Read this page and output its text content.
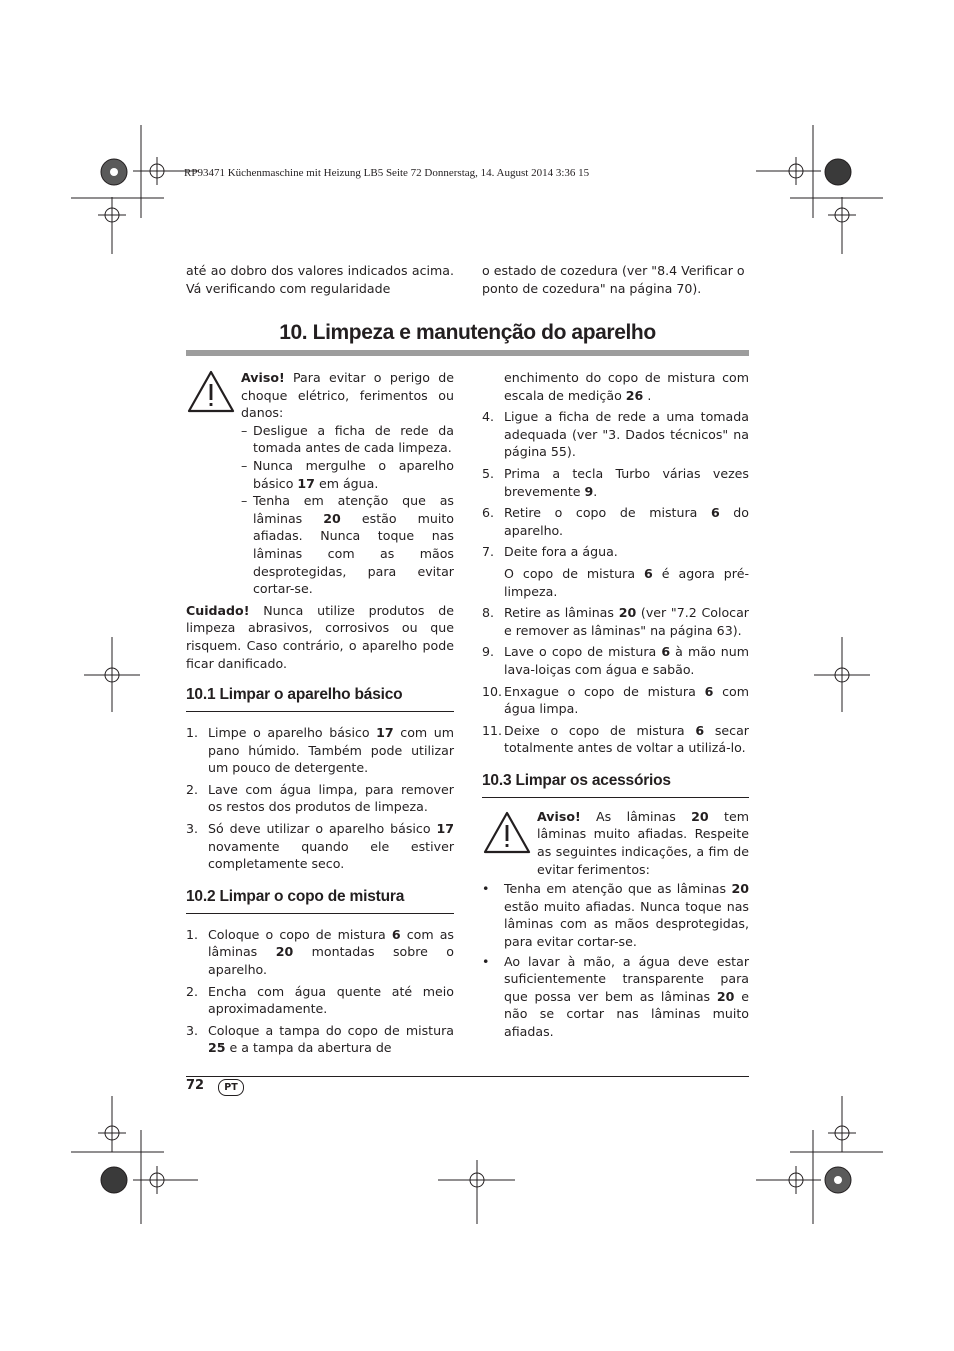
RP93471 Küchenmaschine mit Heizung LB5 Seite 72 Donnerstag, 14. August 2014 3:36 15
até ao dobro dos valores indicados acima. Vá verificando com regularidade
o estado de cozedura (ver "8.4 Verificar o ponto de cozedura" na página 70).
10. Limpeza e manutenção do aparelho
Aviso! Para evitar o perigo de choque elétrico, ferimentos ou danos:
– Desligue a ficha de rede da tomada antes de cada limpeza.
– Nunca mergulhe o aparelho básico 17 em água.
– Tenha em atenção que as lâminas 20 estão muito afiadas. Nunca toque nas lâminas com as mãos desprotegidas, para evitar cortar-se.
Cuidado! Nunca utilize produtos de limpeza abrasivos, corrosivos ou que risquem. Caso contrário, o aparelho pode ficar danificado.
10.1 Limpar o aparelho básico
1. Limpe o aparelho básico 17 com um pano húmido. Também pode utilizar um pouco de detergente.
2. Lave com água limpa, para remover os restos dos produtos de limpeza.
3. Só deve utilizar o aparelho básico 17 novamente quando ele estiver completamente seco.
10.2 Limpar o copo de mistura
1. Coloque o copo de mistura 6 com as lâminas 20 montadas sobre o aparelho.
2. Encha com água quente até meio aproximadamente.
3. Coloque a tampa do copo de mistura 25 e a tampa da abertura de
enchimento do copo de mistura com escala de medição 26 .
4. Ligue a ficha de rede a uma tomada adequada (ver "3. Dados técnicos" na página 55).
5. Prima a tecla Turbo várias vezes brevemente 9.
6. Retire o copo de mistura 6 do aparelho.
7. Deite fora a água.
O copo de mistura 6 é agora pré-limpeza.
8. Retire as lâminas 20 (ver "7.2 Colocar e remover as lâminas" na página 63).
9. Lave o copo de mistura 6 à mão num lava-loiças com água e sabão.
10. Enxague o copo de mistura 6 com água limpa.
11. Deixe o copo de mistura 6 secar totalmente antes de voltar a utilizá-lo.
10.3 Limpar os acessórios
Aviso! As lâminas 20 tem lâminas muito afiadas. Respeite as seguintes indicações, a fim de evitar ferimentos:
• Tenha em atenção que as lâminas 20 estão muito afiadas. Nunca toque nas lâminas com as mãos desprotegidas, para evitar cortar-se.
• Ao lavar à mão, a água deve estar suficientemente transparente para que possa ver bem as lâminas 20 e não se cortar nas lâminas muito afiadas.
72	PT
